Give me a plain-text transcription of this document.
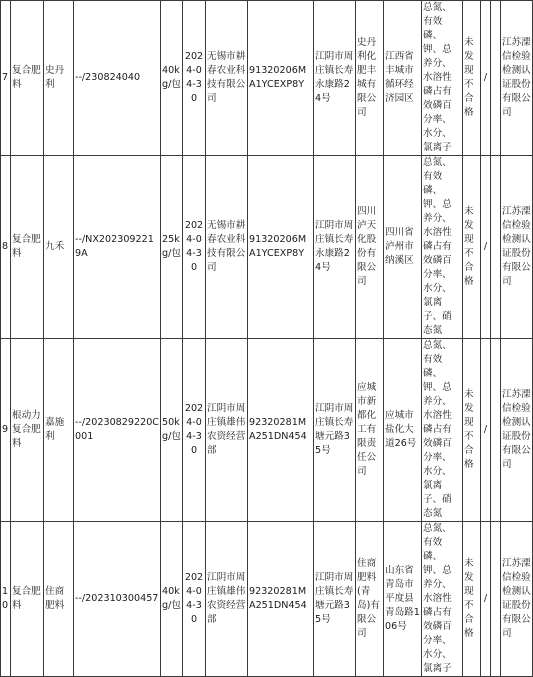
7	复合肥料	史丹利	--/230824040	40kg/包	2024-04-30	无锡市耕春农业科技有限公司	91320206MA1YCEXP8Y	江阴市周庄镇长寿永康路24号	史丹利化肥丰城有限公司	江西省丰城市循环经济园区	总氮、有效磷、钾、总养分、水溶性磷占有效磷百分率、水分、氯离子	未发现不合格	/		江苏溧信检验检测认证股份有限公司
8	复合肥料	九禾	--/NX2023092219A	25kg/包	2024-04-30	无锡市耕春农业科技有限公司	91320206MA1YCEXP8Y	江阴市周庄镇长寿永康路24号	四川泸天化股份有限公司	四川省泸州市纳溪区	总氮、有效磷、钾、总养分、水溶性磷占有效磷百分率、水分、氯离子、硝态氮	未发现不合格	/		江苏溧信检验检测认证股份有限公司
9	根动力复合肥料	嘉施利	--/20230829220C001	50kg/包	2024-04-30	江阴市周庄镇雄伟农资经营部	92320281MA251DN454	江阴市周庄镇长寿塘元路35号	应城市新都化工有限责任公司	应城市盐化大道26号	总氮、有效磷、钾、总养分、水溶性磷占有效磷百分率、水分、氯离子、硝态氮	未发现不合格	/		江苏溧信检验检测认证股份有限公司
10	复合肥料	住商肥料	--/202310300457	40kg/包	2024-04-30	江阴市周庄镇雄伟农资经营部	92320281MA251DN454	江阴市周庄镇长寿塘元路35号	住商肥料(青岛)有限公司	山东省青岛市平度县青岛路106号	总氮、有效磷、钾、总养分、水溶性磷占有效磷百分率、水分、氯离子	未发现不合格	/		江苏溧信检验检测认证股份有限公司
